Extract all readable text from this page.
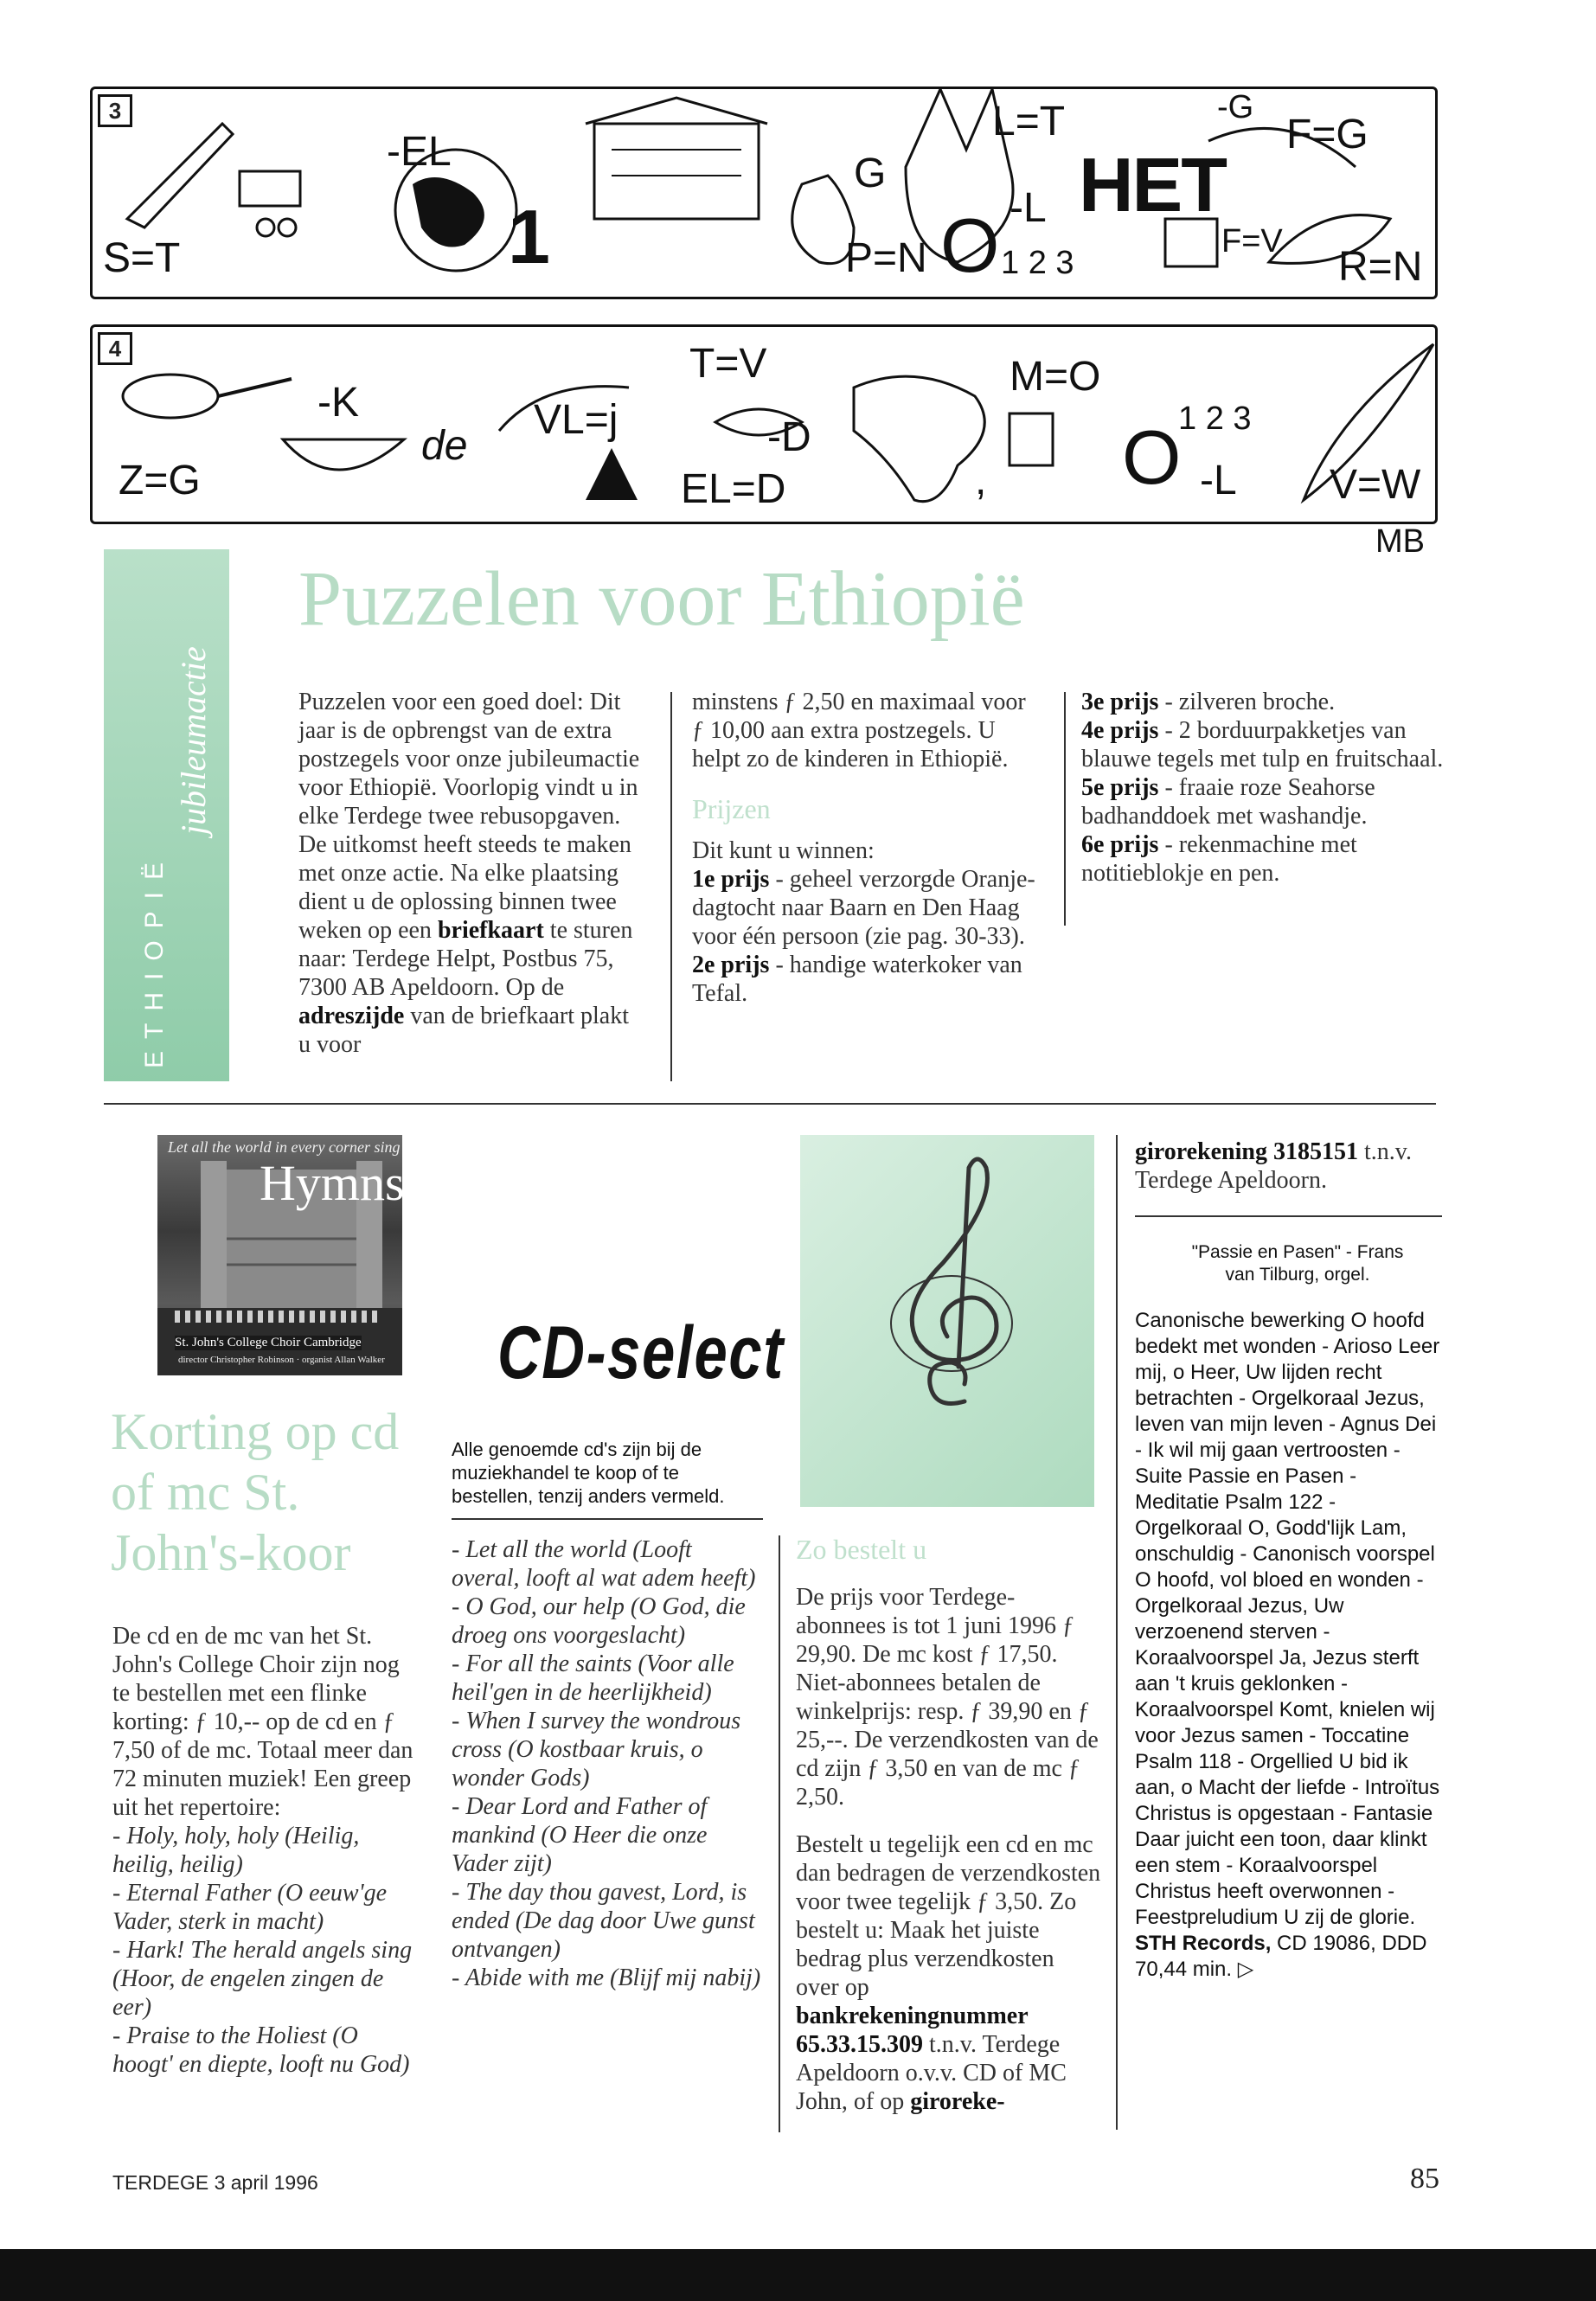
3
S=T
-EL
1
G
P=N
L=T
-L
O 1 2 3
HET
F=V
-G
F=G
R=N
4
Z=G
-K
de
VL=j
T=V
-D
EL=D
M=O
, O
1 2 3
-L V=W
MB
ETHIOPIË
jubileumactie
Puzzelen voor Ethiopië
Puzzelen voor een goed doel: Dit jaar is de opbrengst van de extra postzegels voor onze jubileumactie voor Ethiopië. Voorlopig vindt u in elke Terdege twee rebusopgaven. De uitkomst heeft steeds te maken met onze actie. Na elke plaatsing dient u de oplossing binnen twee weken op een briefkaart te sturen naar: Terdege Helpt, Postbus 75, 7300 AB Apeldoorn. Op de adreszijde van de briefkaart plakt u voor

minstens ƒ 2,50 en maximaal voor ƒ 10,00 aan extra postzegels. U helpt zo de kinderen in Ethiopië.

Prijzen

Dit kunt u winnen:

1e prijs - geheel verzorgde Oranje-dagtocht naar Baarn en Den Haag voor één persoon (zie pag. 30-33).

2e prijs - handige waterkoker van Tefal.

3e prijs - zilveren broche.

4e prijs - 2 borduurpakketjes van blauwe tegels met tulp en fruitschaal.

5e prijs - fraaie roze Seahorse badhanddoek met washandje.

6e prijs - rekenmachine met notitieblokje en pen.

Let all the world in every corner sing
Hymns
St. John's College Choir Cambridge
director Christopher Robinson · organist Allan Walker
Korting op cd of mc St. John's-koor

De cd en de mc van het St. John's College Choir zijn nog te bestellen met een flinke korting: ƒ 10,-- op de cd en ƒ 7,50 of de mc. Totaal meer dan 72 minuten muziek! Een greep uit het repertoire:

- Holy, holy, holy (Heilig, heilig, heilig)

- Eternal Father (O eeuw'ge Vader, sterk in macht)

- Hark! The herald angels sing (Hoor, de engelen zingen de eer)

- Praise to the Holiest (O hoogt' en diepte, looft nu God)

CD-select
Alle genoemde cd's zijn bij de muziekhandel te koop of te bestellen, tenzij anders vermeld.

- Let all the world (Looft overal, looft al wat adem heeft)

- O God, our help (O God, die droeg ons voorgeslacht)

- For all the saints (Voor alle heil'gen in de heerlijkheid)

- When I survey the wondrous cross (O kostbaar kruis, o wonder Gods)

- Dear Lord and Father of mankind (O Heer die onze Vader zijt)

- The day thou gavest, Lord, is ended (De dag door Uwe gunst ontvangen)

- Abide with me (Blijf mij nabij)

Zo bestelt u

De prijs voor Terdege-abonnees is tot 1 juni 1996 ƒ 29,90. De mc kost ƒ 17,50. Niet-abonnees betalen de winkelprijs: resp. ƒ 39,90 en ƒ 25,--. De verzendkosten van de cd zijn ƒ 3,50 en van de mc ƒ 2,50.

Bestelt u tegelijk een cd en mc dan bedragen de verzendkosten voor twee tegelijk ƒ 3,50. Zo bestelt u: Maak het juiste bedrag plus verzendkosten over op bankrekeningnummer 65.33.15.309 t.n.v. Terdege Apeldoorn o.v.v. CD of MC John, of op giroreke-

girorekening 3185151 t.n.v. Terdege Apeldoorn.
"Passie en Pasen" - Frans van Tilburg, orgel.
Canonische bewerking O hoofd bedekt met wonden - Arioso Leer mij, o Heer, Uw lijden recht betrachten - Orgelkoraal Jezus, leven van mijn leven - Agnus Dei - Ik wil mij gaan vertroosten - Suite Passie en Pasen - Meditatie Psalm 122 - Orgelkoraal O, Godd'lijk Lam, onschuldig - Canonisch voorspel O hoofd, vol bloed en wonden - Orgelkoraal Jezus, Uw verzoenend sterven - Koraalvoorspel Ja, Jezus sterft aan 't kruis geklonken - Koraalvoorspel Komt, knielen wij voor Jezus samen - Toccatine Psalm 118 - Orgellied U bid ik aan, o Macht der liefde - Introïtus Christus is opgestaan - Fantasie Daar juicht een toon, daar klinkt een stem - Koraalvoorspel Christus heeft overwonnen - Feestpreludium U zij de glorie. STH Records, CD 19086, DDD 70,44 min. ▷
TERDEGE 3 april 1996	85
